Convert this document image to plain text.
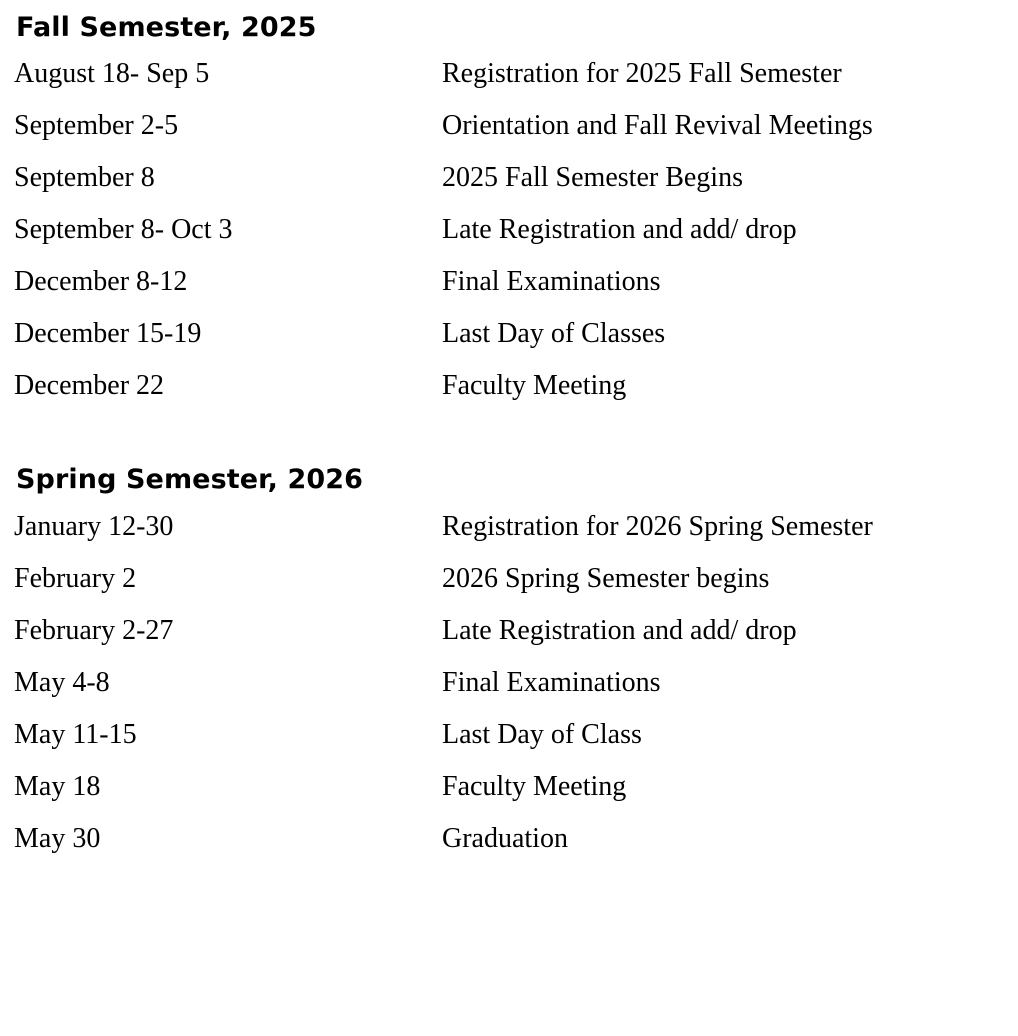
Fall Semester, 2025
August 18- Sep 5	Registration for 2025 Fall Semester
September 2-5	Orientation and Fall Revival Meetings
September 8	2025 Fall Semester Begins
September 8- Oct 3	Late Registration and add/ drop
December 8-12	Final Examinations
December 15-19	Last Day of Classes
December 22	Faculty Meeting
Spring Semester, 2026
January 12-30	Registration for 2026 Spring Semester
February 2	2026 Spring Semester begins
February 2-27	Late Registration and add/ drop
May 4-8	Final Examinations
May 11-15	Last Day of Class
May 18	Faculty Meeting
May 30	Graduation
